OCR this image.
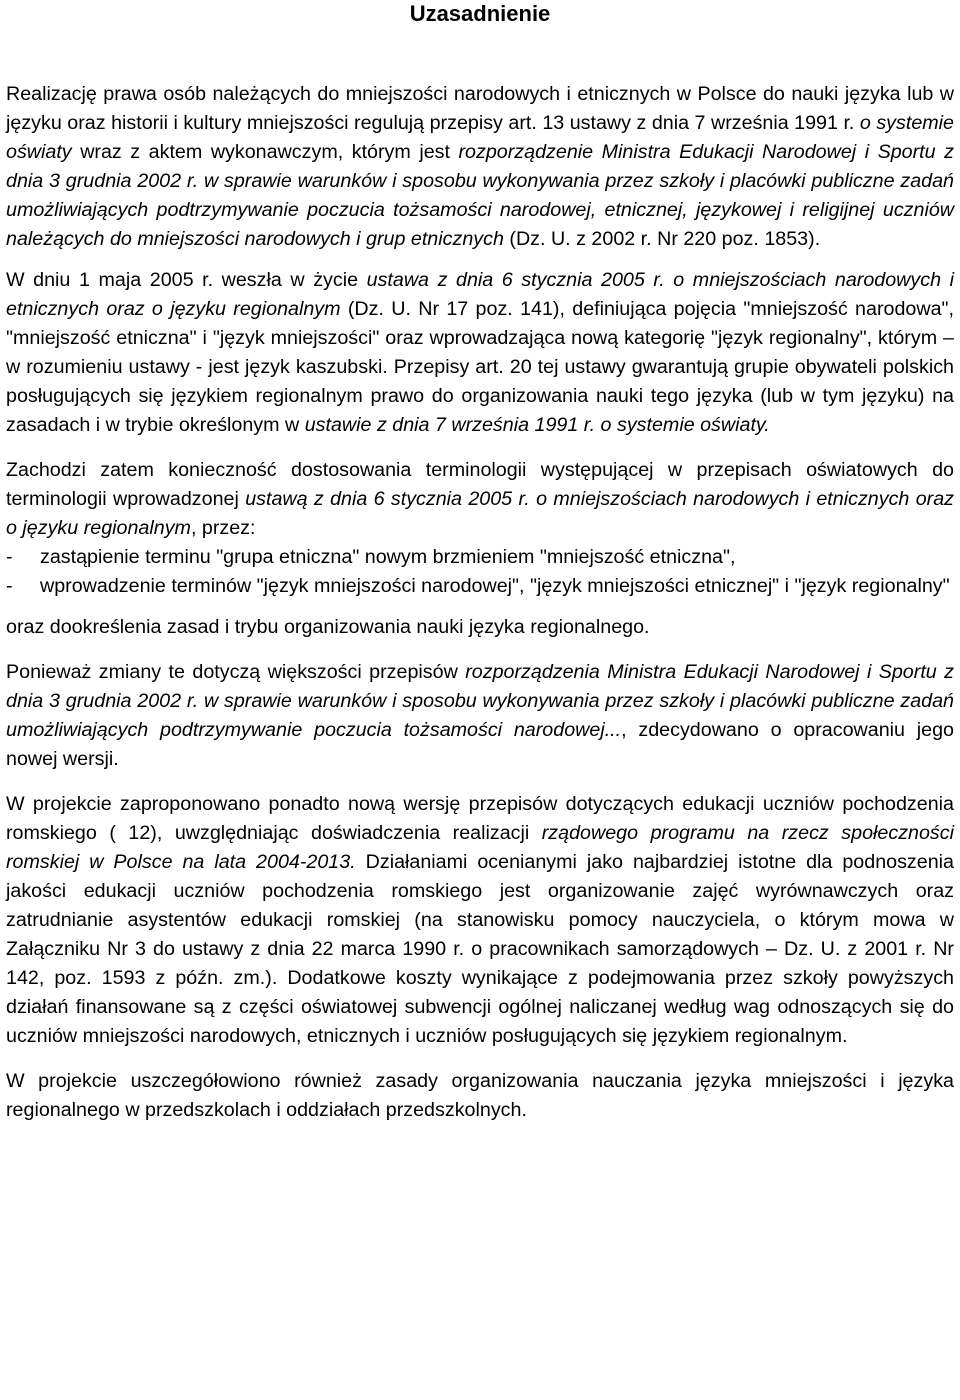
Uzasadnienie

Realizację prawa osób należących do mniejszości narodowych i etnicznych w Polsce do nauki języka lub w języku oraz historii i kultury mniejszości regulują przepisy art. 13 ustawy z dnia 7 września 1991 r. o systemie oświaty wraz z aktem wykonawczym, którym jest rozporządzenie Ministra Edukacji Narodowej i Sportu z dnia 3 grudnia 2002 r. w sprawie warunków i sposobu wykonywania przez szkoły i placówki publiczne zadań umożliwiających podtrzymywanie poczucia tożsamości narodowej, etnicznej, językowej i religijnej uczniów należących do mniejszości narodowych i grup etnicznych (Dz. U. z 2002 r. Nr 220 poz. 1853).

W dniu 1 maja 2005 r. weszła w życie ustawa z dnia 6 stycznia 2005 r. o mniejszościach narodowych i etnicznych oraz o języku regionalnym (Dz. U. Nr 17 poz. 141), definiująca pojęcia "mniejszość narodowa", "mniejszość etniczna" i "język mniejszości" oraz wprowadzająca nową kategorię "język regionalny", którym – w rozumieniu ustawy - jest język kaszubski. Przepisy art. 20 tej ustawy gwarantują grupie obywateli polskich posługujących się językiem regionalnym prawo do organizowania nauki tego języka (lub w tym języku) na zasadach i w trybie określonym w ustawie z dnia 7 września 1991 r. o systemie oświaty.

Zachodzi zatem konieczność dostosowania terminologii występującej w przepisach oświatowych do terminologii wprowadzonej ustawą z dnia 6 stycznia 2005 r. o mniejszościach narodowych i etnicznych oraz o języku regionalnym, przez:

- zastąpienie terminu "grupa etniczna" nowym brzmieniem "mniejszość etniczna",

- wprowadzenie terminów "język mniejszości narodowej", "język mniejszości etnicznej" i "język regionalny"

oraz dookreślenia zasad i trybu organizowania nauki języka regionalnego.

Ponieważ zmiany te dotyczą większości przepisów rozporządzenia Ministra Edukacji Narodowej i Sportu z dnia 3 grudnia 2002 r. w sprawie warunków i sposobu wykonywania przez szkoły i placówki publiczne zadań umożliwiających podtrzymywanie poczucia tożsamości narodowej..., zdecydowano o opracowaniu jego nowej wersji.

W projekcie zaproponowano ponadto nową wersję przepisów dotyczących edukacji uczniów pochodzenia romskiego ( 12), uwzględniając doświadczenia realizacji rządowego programu na rzecz społeczności romskiej w Polsce na lata 2004-2013. Działaniami ocenianymi jako najbardziej istotne dla podnoszenia jakości edukacji uczniów pochodzenia romskiego jest organizowanie zajęć wyrównawczych oraz zatrudnianie asystentów edukacji romskiej (na stanowisku pomocy nauczyciela, o którym mowa w Załączniku Nr 3 do ustawy z dnia 22 marca 1990 r. o pracownikach samorządowych – Dz. U. z 2001 r. Nr 142, poz. 1593 z późn. zm.). Dodatkowe koszty wynikające z podejmowania przez szkoły powyższych działań finansowane są z części oświatowej subwencji ogólnej naliczanej według wag odnoszących się do uczniów mniejszości narodowych, etnicznych i uczniów posługujących się językiem regionalnym.

W projekcie uszczegółowiono również zasady organizowania nauczania języka mniejszości i języka regionalnego w przedszkolach i oddziałach przedszkolnych.
